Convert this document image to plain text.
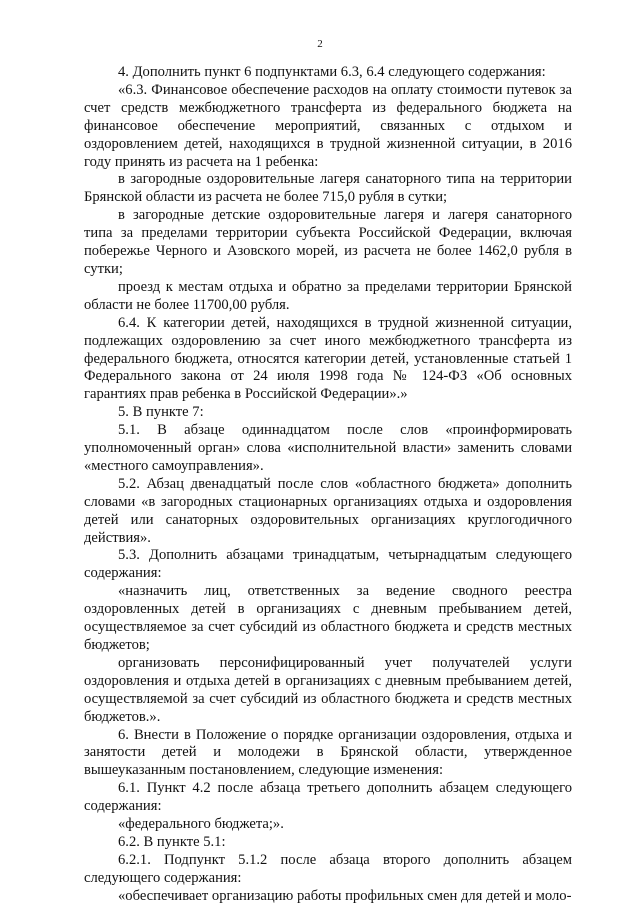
2

4. Дополнить пункт 6 подпунктами 6.3, 6.4 следующего содержания:

«6.3. Финансовое обеспечение расходов на оплату стоимости путевок за счет средств межбюджетного трансферта из федерального бюджета на финансовое обеспечение мероприятий, связанных с отдыхом и оздоровлением детей, находящихся в трудной жизненной ситуации, в 2016 году принять из расчета на 1 ребенка:

в загородные оздоровительные лагеря санаторного типа на территории Брянской области из расчета не более 715,0 рубля в сутки;

в загородные детские оздоровительные лагеря и лагеря санаторного типа за пределами территории субъекта Российской Федерации, включая побережье Черного и Азовского морей, из расчета не более 1462,0 рубля в сутки;

проезд к местам отдыха и обратно за пределами территории Брянской области не более 11700,00 рубля.

6.4. К категории детей, находящихся в трудной жизненной ситуации, подлежащих оздоровлению за счет иного межбюджетного трансферта из федерального бюджета, относятся категории детей, установленные статьей 1 Федерального закона от 24 июля 1998 года № 124-ФЗ «Об основных гарантиях прав ребенка в Российской Федерации».»

5. В пункте 7:

5.1. В абзаце одиннадцатом после слов «проинформировать уполномоченный орган» слова «исполнительной власти» заменить словами «местного самоуправления».

5.2. Абзац двенадцатый после слов «областного бюджета» дополнить словами «в загородных стационарных организациях отдыха и оздоровления детей или санаторных оздоровительных организациях круглогодичного действия».

5.3. Дополнить абзацами тринадцатым, четырнадцатым следующего содержания:

«назначить лиц, ответственных за ведение сводного реестра оздоровленных детей в организациях с дневным пребыванием детей, осуществляемое за счет субсидий из областного бюджета и средств местных бюджетов;

организовать персонифицированный учет получателей услуги оздоровления и отдыха детей в организациях с дневным пребыванием детей, осуществляемой за счет субсидий из областного бюджета и средств местных бюджетов.».

6. Внести в Положение о порядке организации оздоровления, отдыха и занятости детей и молодежи в Брянской области, утвержденное вышеуказанным постановлением, следующие изменения:

6.1. Пункт 4.2 после абзаца третьего дополнить абзацем следующего содержания:

«федерального бюджета;».

6.2. В пункте 5.1:

6.2.1. Подпункт 5.1.2 после абзаца второго дополнить абзацем следующего содержания:

«обеспечивает организацию работы профильных смен для детей и моло-
